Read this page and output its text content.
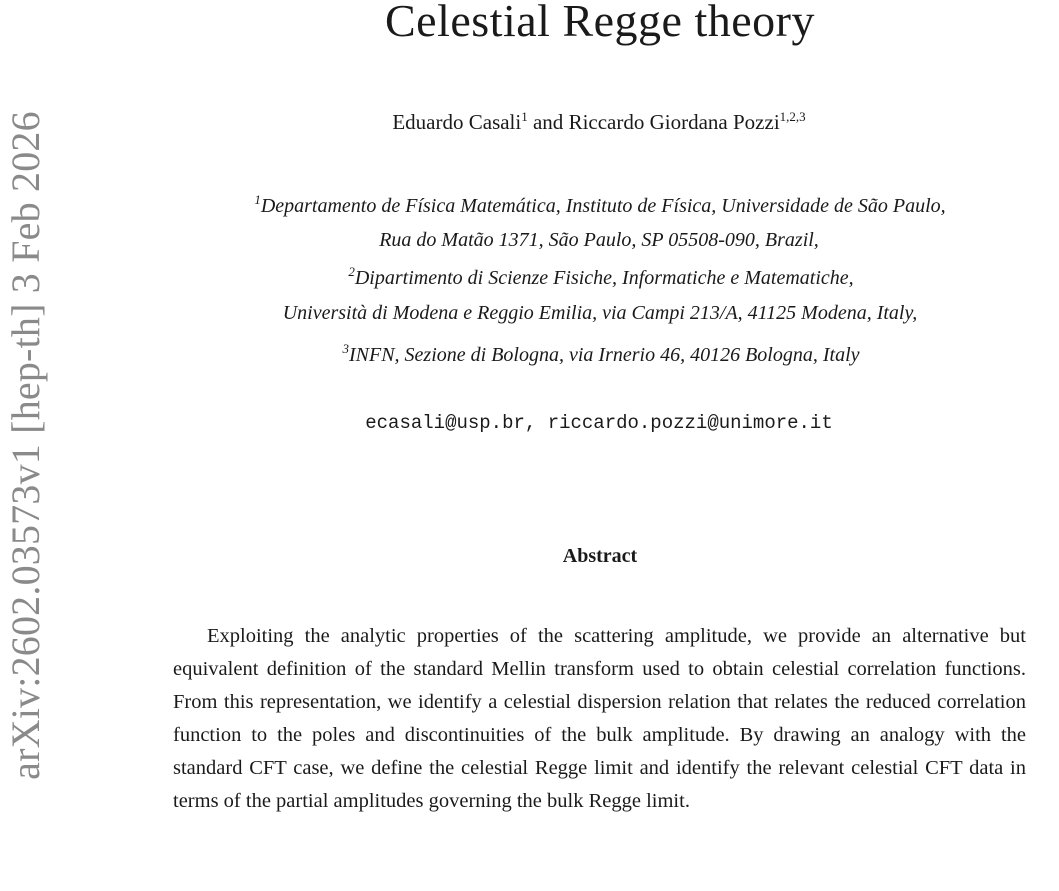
arXiv:2602.03573v1 [hep-th] 3 Feb 2026
Celestial Regge theory
Eduardo Casali$^1$ and Riccardo Giordana Pozzi$^{1,2,3}$
$^1$Departamento de Física Matemática, Instituto de Física, Universidade de São Paulo,
Rua do Matão 1371, São Paulo, SP 05508-090, Brazil,
$^2$Dipartimento di Scienze Fisiche, Informatiche e Matematiche,
Università di Modena e Reggio Emilia, via Campi 213/A, 41125 Modena, Italy,
$^3$INFN, Sezione di Bologna, via Irnerio 46, 40126 Bologna, Italy
ecasali@usp.br, riccardo.pozzi@unimore.it
Abstract

Exploiting the analytic properties of the scattering amplitude, we provide an alternative but equivalent definition of the standard Mellin transform used to obtain celestial correlation functions. From this representation, we identify a celestial dispersion relation that relates the reduced correlation function to the poles and discontinuities of the bulk amplitude. By drawing an analogy with the standard CFT case, we define the celestial Regge limit and identify the relevant celestial CFT data in terms of the partial amplitudes governing the bulk Regge limit.
